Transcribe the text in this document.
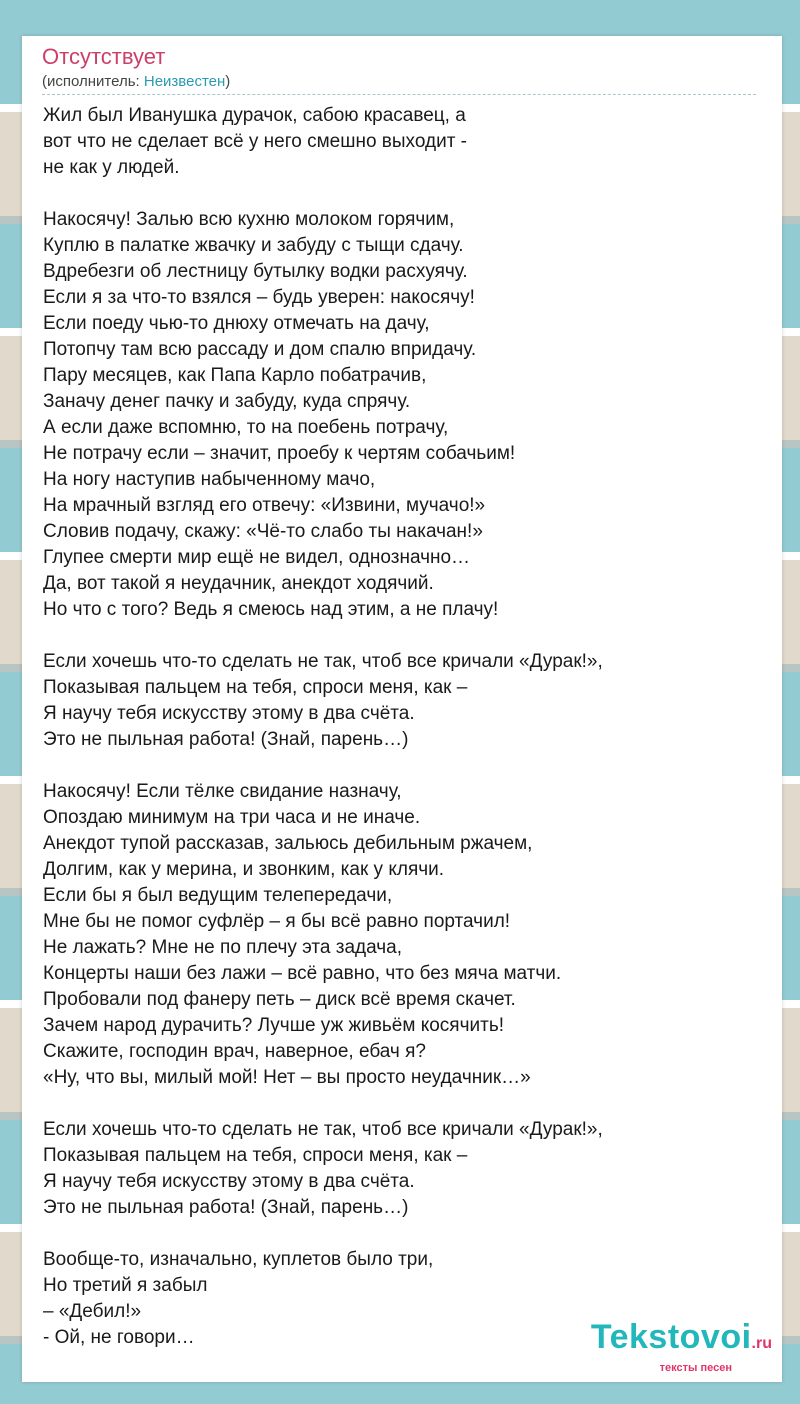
Отсутствует
(исполнитель: Неизвестен)
Жил был Иванушка дурачок, сабою красавец, а
вот что не сделает всё у него смешно выходит -
не как у людей.
Накосячу! Залью всю кухню молоком горячим,
Куплю в палатке жвачку и забуду с тыщи сдачу.
Вдребезги об лестницу бутылку водки расхуячу.
Если я за что-то взялся – будь уверен: накосячу!
Если поеду чью-то днюху отмечать на дачу,
Потопчу там всю рассаду и дом спалю впридачу.
Пару месяцев, как Папа Карло побатрачив,
Заначу денег пачку и забуду, куда спрячу.
А если даже вспомню, то на поебень потрачу,
Не потрачу если – значит, проебу к чертям собачьим!
На ногу наступив набыченному мачо,
На мрачный взгляд его отвечу: «Извини, мучачо!»
Словив подачу, скажу: «Чё-то слабо ты накачан!»
Глупее смерти мир ещё не видел, однозначно…
Да, вот такой я неудачник, анекдот ходячий.
Но что с того? Ведь я смеюсь над этим, а не плачу!
Если хочешь что-то сделать не так, чтоб все кричали «Дурак!»,
Показывая пальцем на тебя, спроси меня, как –
Я научу тебя искусству этому в два счёта.
Это не пыльная работа! (Знай, парень…)
Накосячу! Если тёлке свидание назначу,
Опоздаю минимум на три часа и не иначе.
Анекдот тупой рассказав, зальюсь дебильным ржачем,
Долгим, как у мерина, и звонким, как у клячи.
Если бы я был ведущим телепередачи,
Мне бы не помог суфлёр – я бы всё равно портачил!
Не лажать? Мне не по плечу эта задача,
Концерты наши без лажи – всё равно, что без мяча матчи.
Пробовали под фанеру петь – диск всё время скачет.
Зачем народ дурачить? Лучше уж живьём косячить!
Скажите, господин врач, наверное, ебач я?
«Ну, что вы, милый мой! Нет – вы просто неудачник…»
Если хочешь что-то сделать не так, чтоб все кричали «Дурак!»,
Показывая пальцем на тебя, спроси меня, как –
Я научу тебя искусству этому в два счёта.
Это не пыльная работа! (Знай, парень…)
Вообще-то, изначально, куплетов было три,
Но третий я забыл
– «Дебил!»
- Ой, не говори…	Tekstovoi.ru
тексты песен
